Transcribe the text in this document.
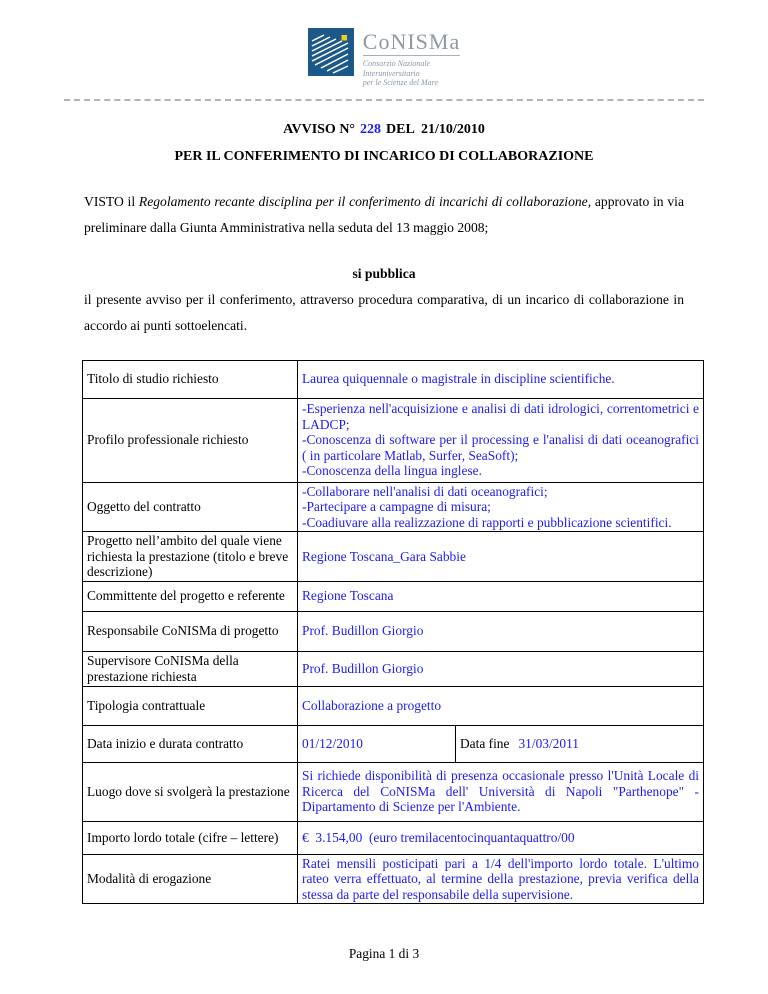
CoNISMa
Consorzio Nazionale
Interuniversitario
per le Scienze del Mare
AVVISO N° 228 DEL  21/10/2010
PER IL CONFERIMENTO DI INCARICO DI COLLABORAZIONE

VISTO il Regolamento recante disciplina per il conferimento di incarichi di collaborazione, approvato in via preliminare dalla Giunta Amministrativa nella seduta del 13 maggio 2008;

si pubblica

il presente avviso per il conferimento, attraverso procedura comparativa, di un incarico di collaborazione in accordo ai punti sottoelencati.

Titolo di studio richiesto	Laurea quiquennale o magistrale in discipline scientifiche.	

Profilo professionale richiesto	-Esperienza nell'acquisizione e analisi di dati idrologici, correntometrici e LADCP;

-Conoscenza di software per il processing e l'analisi di dati oceanografici ( in particolare Matlab, Surfer, SeaSoft);

-Conoscenza della lingua inglese.	

Oggetto del contratto	-Collaborare nell'analisi di dati oceanografici;

-Partecipare a campagne di misura;

-Coadiuvare alla realizzazione di rapporti e pubblicazione scientifici.	

Progetto nell’ambito del quale viene richiesta la prestazione (titolo e breve descrizione)	Regione Toscana_Gara Sabbie	

Committente del progetto e referente	Regione Toscana	

Responsabile CoNISMa di progetto	Prof. Budillon Giorgio	

Supervisore CoNISMa della prestazione richiesta	Prof. Budillon Giorgio	

Tipologia contrattuale	Collaborazione a progetto	

Data inizio e durata contratto	01/12/2010	Data fine 31/03/2011
Luogo dove si svolgerà la prestazione	Si richiede disponibilità di presenza occasionale presso l'Unità Locale di Ricerca del CoNISMa dell' Università di Napoli "Parthenope" - Dipartamento di Scienze per l'Ambiente.	

Importo lordo totale (cifre – lettere)	€  3.154,00  (euro tremilacentocinquantaquattro/00	

Modalità di erogazione	Ratei mensili posticipati pari a 1/4 dell'importo lordo totale. L'ultimo rateo verra effettuato, al termine della prestazione, previa verifica della stessa da parte del responsabile della supervisione.	

Pagina 1 di 3
